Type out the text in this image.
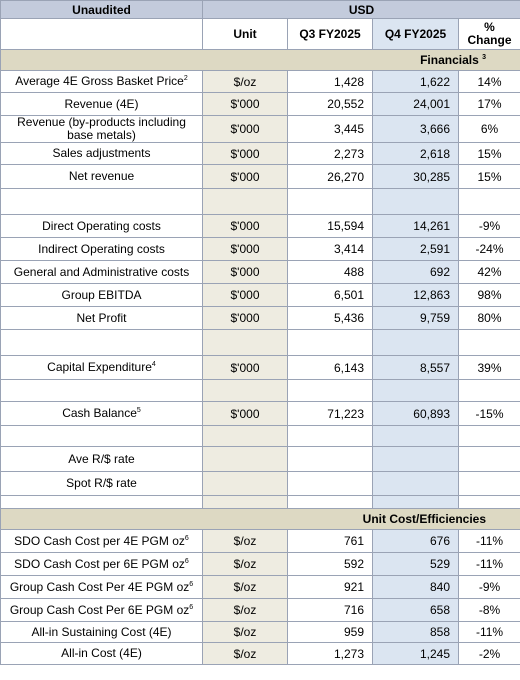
Unaudited	USD			
	Unit	Q3 FY2025	Q4 FY2025	% Change
Financials $^3$
Average 4E Gross Basket Price$^2$	$/oz	1,428	1,622	14%
Revenue (4E)	$'000	20,552	24,001	17%
Revenue (by-products including base metals)	$'000	3,445	3,666	6%
Sales adjustments	$'000	2,273	2,618	15%
Net revenue	$'000	26,270	30,285	15%

Direct Operating costs	$'000	15,594	14,261	-9%
Indirect Operating costs	$'000	3,414	2,591	-24%
General and Administrative costs	$'000	488	692	42%
Group EBITDA	$'000	6,501	12,863	98%
Net Profit	$'000	5,436	9,759	80%

Capital Expenditure$^4$	$'000	6,143	8,557	39%

Cash Balance$^5$	$'000	71,223	60,893	-15%

Ave R/$ rate				
Spot R/$ rate				

Unit Cost/Efficiencies				
SDO Cash Cost per 4E PGM $oz^6$	$/oz	761	676	-11%
SDO Cash Cost per 6E PGM $oz^6$	$/oz	592	529	-11%
Group Cash Cost Per 4E PGM $oz^6$	$/oz	921	840	-9%
Group Cash Cost Per 6E PGM $oz^6$	$/oz	716	658	-8%
All-in Sustaining Cost (4E)	$/oz	959	858	-11%
All-in Cost (4E)	$/oz	1,273	1,245	-2%
